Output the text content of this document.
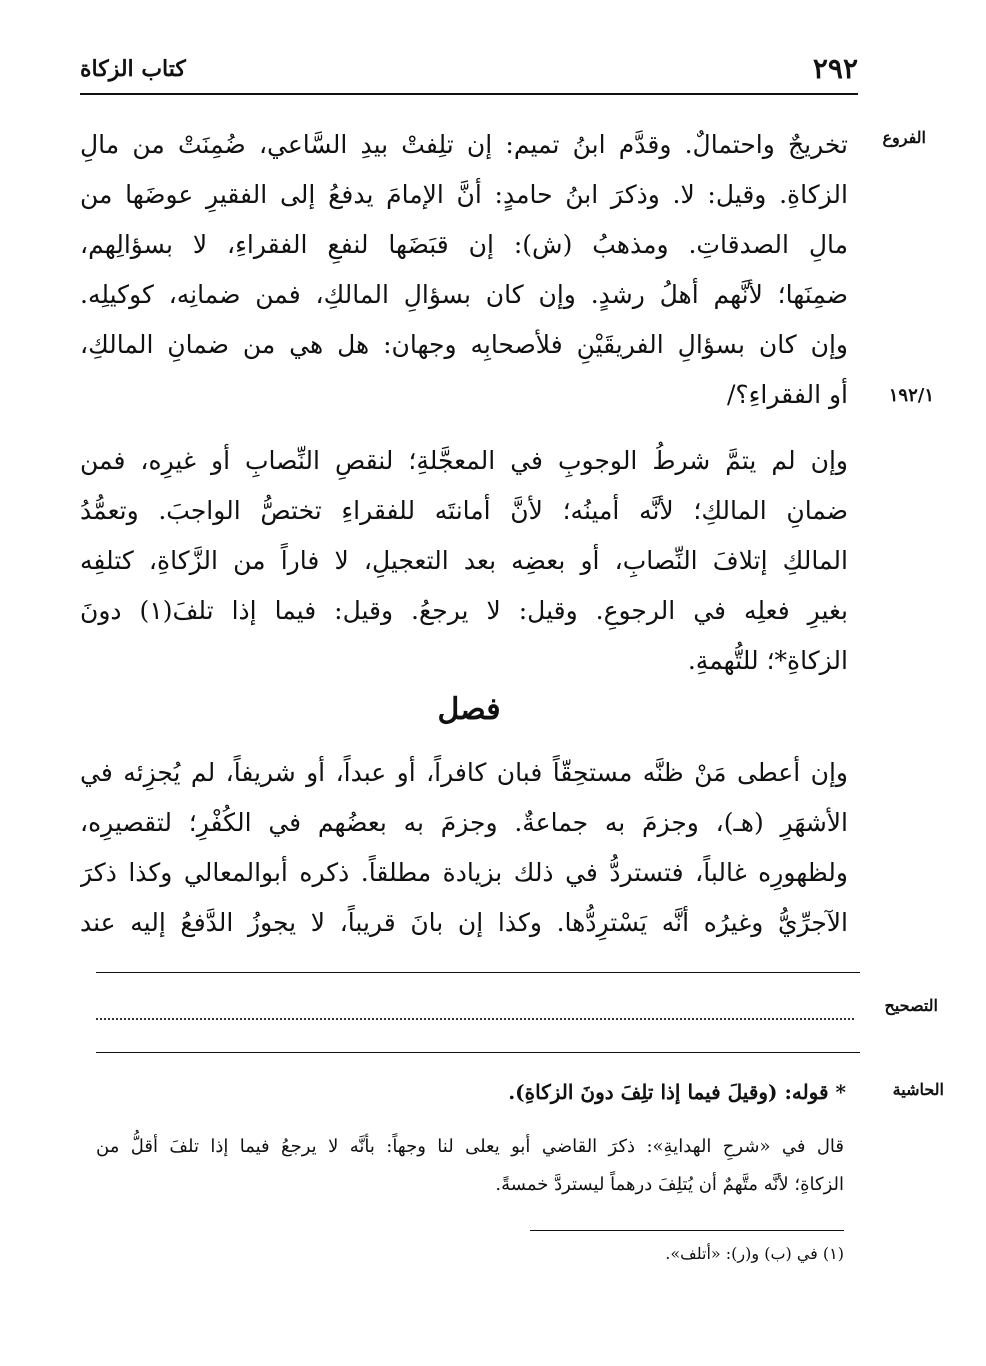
٢٩٢
كتاب الزكاة
الفروع
تخريجٌ واحتمالٌ. وقدَّم ابنُ تميم: إن تلِفتْ بيدِ السَّاعي، ضُمِنَتْ من مالِ
الزكاةِ. وقيل: لا. وذكرَ ابنُ حامدٍ: أنَّ الإمامَ يدفعُ إلى الفقيرِ عوضَها من
مالِ الصدقاتِ. ومذهبُ (ش): إن قبَضَها لنفعِ الفقراءِ، لا بسؤالِهم،
ضمِنَها؛ لأنَّهم أهلُ رشدٍ. وإن كان بسؤالِ المالكِ، فمن ضمانِه، كوكيلِه.
وإن كان بسؤالِ الفريقَيْنِ فلأصحابِه وجهان: هل هي من ضمانِ المالكِ،
أو الفقراءِ؟/ ١٩٢/١
وإن لم يتمَّ شرطُ الوجوبِ في المعجَّلةِ؛ لنقصِ النِّصابِ أو غيرِه، فمن
ضمانِ المالكِ؛ لأنَّه أمينُه؛ لأنَّ أمانتَه للفقراءِ تختصُّ الواجبَ. وتعمُّدُ
المالكِ إتلافَ النِّصابِ، أو بعضِه بعد التعجيلِ، لا فاراً من الزَّكاةِ، كتلفِه
بغيرِ فعلِه في الرجوعِ. وقيل: لا يرجعُ. وقيل: فيما إذا تلفَ(١) دونَ
الزكاةِ*؛ للتُّهمةِ.
فصل
وإن أعطى مَنْ ظنَّه مستحِقّاً فبان كافراً، أو عبداً، أو شريفاً، لم يُجزِئه في
الأشهَرِ (هـ)، وجزمَ به جماعةٌ. وجزمَ به بعضُهم في الكُفْرِ؛ لتقصيرِه،
ولظهورِه غالباً، فتستردُّ في ذلك بزيادة مطلقاً. ذكره أبوالمعالي وكذا ذكرَ
الآجرِّيُّ وغيرُه أنَّه يَسْترِدُّها. وكذا إن بانَ قريباً، لا يجوزُ الدَّفعُ إليه عند
التصحيح
الحاشية
* قوله: (وقيلَ فيما إذا تلِفَ دونَ الزكاةِ).
قال في «شرحِ الهدايةِ»: ذكرَ القاضي أبو يعلى لنا وجهاً: بأنَّه لا يرجعُ فيما إذا تلفَ أقلُّ من
الزكاةِ؛ لأنَّه متَّهمٌ أن يُتلِفَ درهماً ليستردَّ خمسةً.
(١) في (ب) و(ر): «أتلف».
